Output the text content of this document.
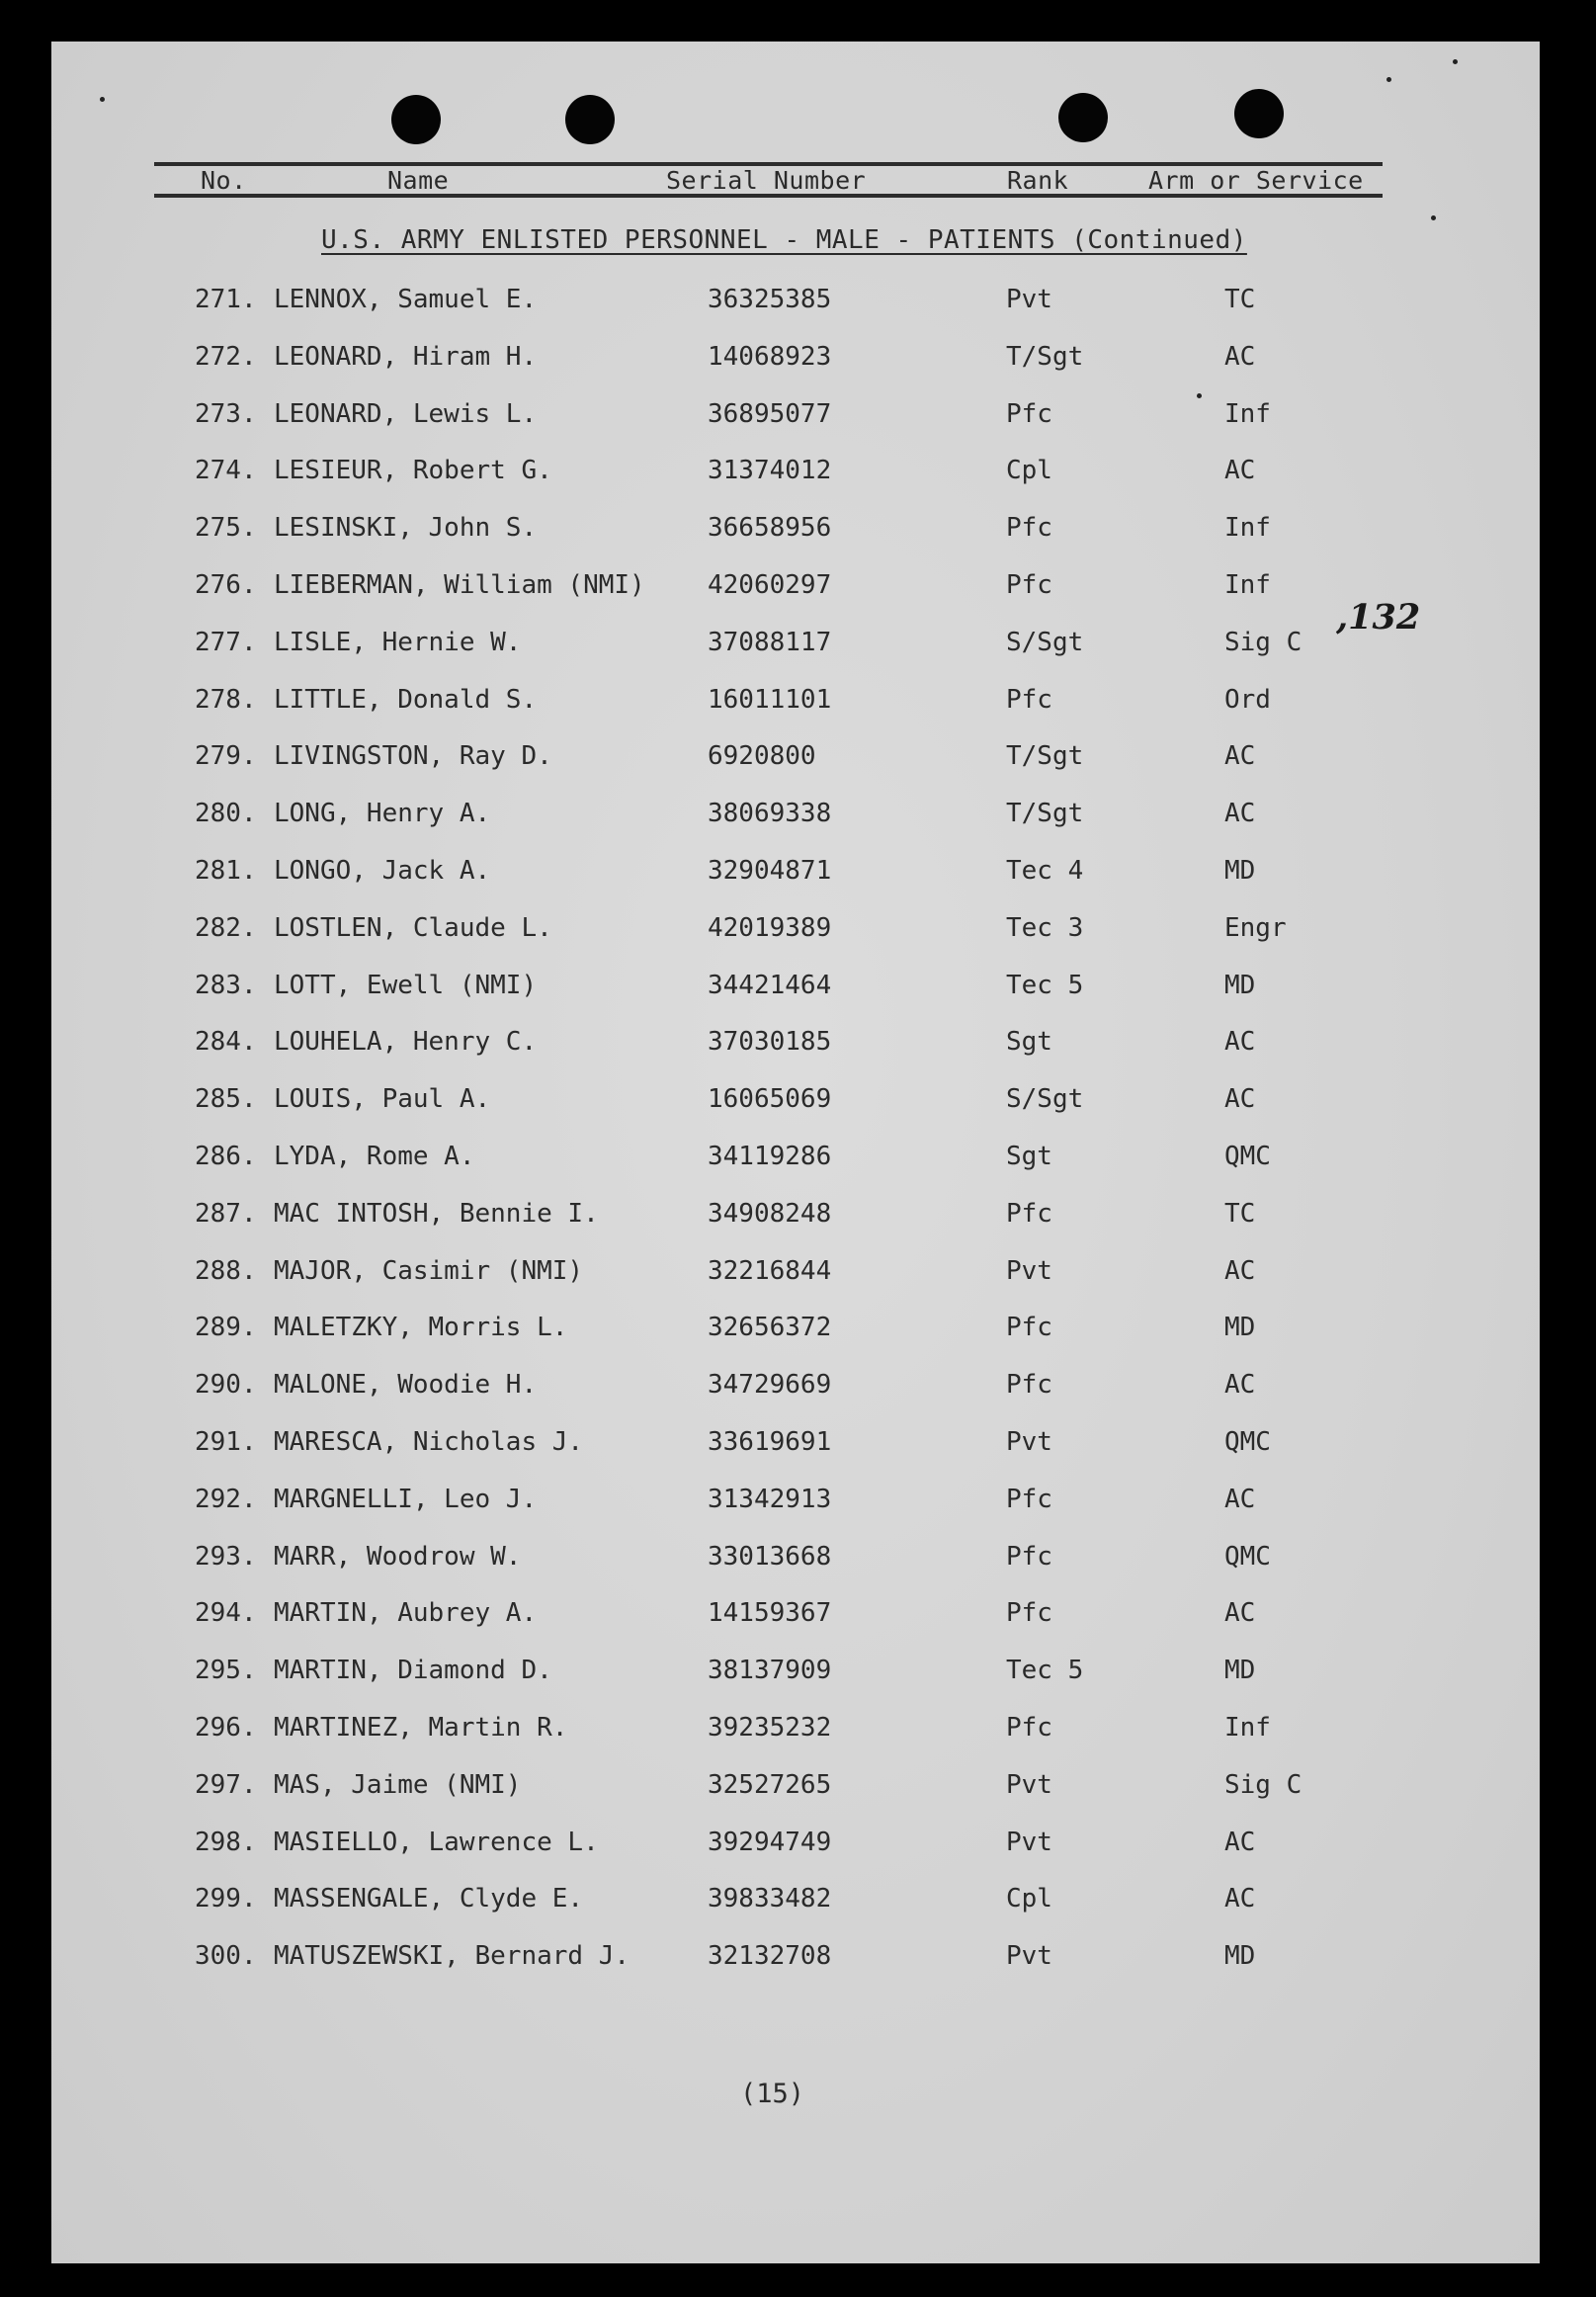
No.	Name	Serial Number	Rank	Arm or Service
U.S. ARMY ENLISTED PERSONNEL - MALE - PATIENTS (Continued)
,132
271. LENNOX, Samuel E.	36325385	Pvt	TC
272. LEONARD, Hiram H.	14068923	T/Sgt	AC
273. LEONARD, Lewis L.	36895077	Pfc	Inf
274. LESIEUR, Robert G.	31374012	Cpl	AC
275. LESINSKI, John S.	36658956	Pfc	Inf
276. LIEBERMAN, William (NMI) 42060297	Pfc	Inf
277. LISLE, Hernie W.	37088117	S/Sgt	Sig C
278. LITTLE, Donald S.	16011101	Pfc	Ord
279. LIVINGSTON, Ray D.	6920800	T/Sgt	AC
280. LONG, Henry A.	38069338	T/Sgt	AC
281. LONGO, Jack A.	32904871	Tec 4	MD
282. LOSTLEN, Claude L.	42019389	Tec 3	Engr
283. LOTT, Ewell (NMI)	34421464	Tec 5	MD
284. LOUHELA, Henry C.	37030185	Sgt	AC
285. LOUIS, Paul A.	16065069	S/Sgt	AC
286. LYDA, Rome A.	34119286	Sgt	QMC
287. MAC INTOSH, Bennie I.	34908248	Pfc	TC
288. MAJOR, Casimir (NMI)	32216844	Pvt	AC
289. MALETZKY, Morris L.	32656372	Pfc	MD
290. MALONE, Woodie H.	34729669	Pfc	AC
291. MARESCA, Nicholas J.	33619691	Pvt	QMC
292. MARGNELLI, Leo J.	31342913	Pfc	AC
293. MARR, Woodrow W.	33013668	Pfc	QMC
294. MARTIN, Aubrey A.	14159367	Pfc	AC
295. MARTIN, Diamond D.	38137909	Tec 5	MD
296. MARTINEZ, Martin R.	39235232	Pfc	Inf
297. MAS, Jaime (NMI)	32527265	Pvt	Sig C
298. MASIELLO, Lawrence L.	39294749	Pvt	AC
299. MASSENGALE, Clyde E.	39833482	Cpl	AC
300. MATUSZEWSKI, Bernard J.	32132708	Pvt	MD
(15)
